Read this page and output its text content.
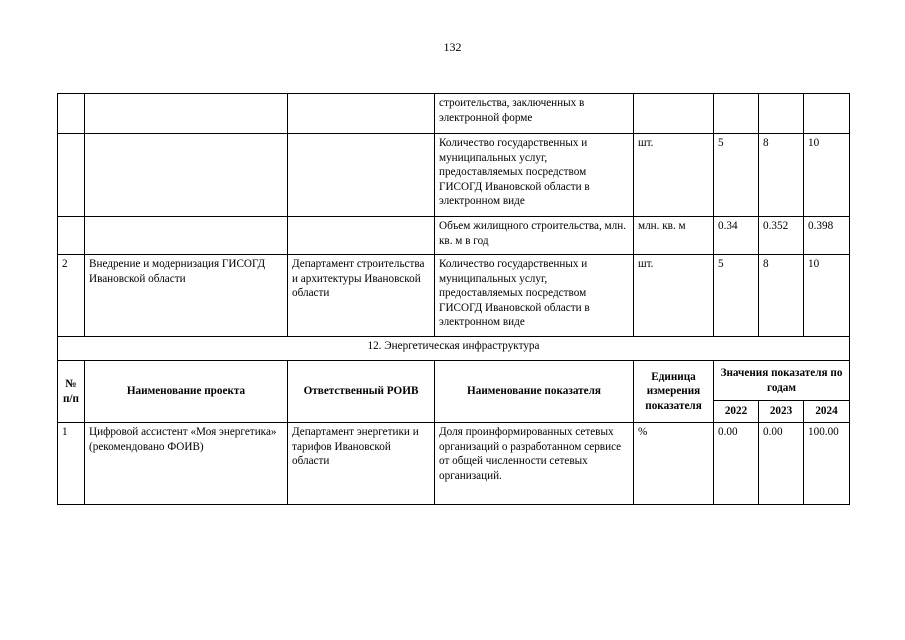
132
			строительства, заключенных в электронной форме				
			Количество государственных и муниципальных услуг, предоставляемых посредством ГИСОГД Ивановской области в электронном виде	шт.	5	8	10
			Объем жилищного строительства, млн. кв. м в год	млн. кв. м	0.34	0.352	0.398
2	Внедрение и модернизация ГИСОГД Ивановской области	Департамент строительства и архитектуры Ивановской области	Количество государственных и муниципальных услуг, предоставляемых посредством ГИСОГД Ивановской области в электронном виде	шт.	5	8	10
12. Энергетическая инфраструктура							
№ п/п	Наименование проекта	Ответственный РОИВ	Наименование показателя	Единица измерения показателя	Значения показателя по годам		
					2022	2023	2024
1	Цифровой ассистент «Моя энергетика» (рекомендовано ФОИВ)	Департамент энергетики и тарифов Ивановской области	Доля проинформированных сетевых организаций о разработанном сервисе от общей численности сетевых организаций.	%	0.00	0.00	100.00
